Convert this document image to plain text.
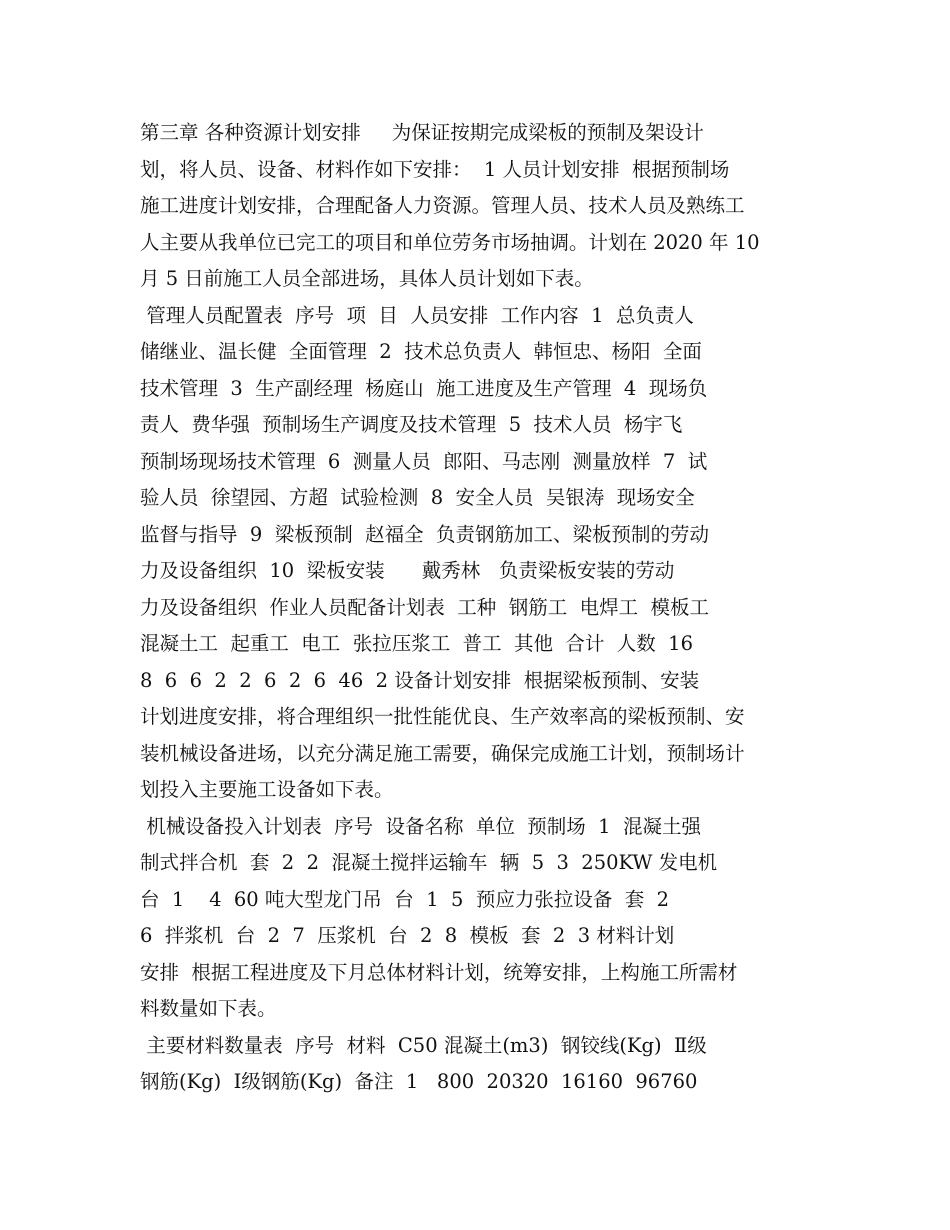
第三章 各种资源计划安排     为保证按期完成梁板的预制及架设计
划，将人员、设备、材料作如下安排：  1 人员计划安排  根据预制场
施工进度计划安排，合理配备人力资源。管理人员、技术人员及熟练工
人主要从我单位已完工的项目和单位劳务市场抽调。计划在 2020 年 10
月 5 日前施工人员全部进场，具体人员计划如下表。
管理人员配置表  序号  项  目  人员安排  工作内容  1  总负责人
储继业、温长健  全面管理  2  技术总负责人  韩恒忠、杨阳  全面
技术管理  3  生产副经理  杨庭山  施工进度及生产管理  4  现场负
责人  费华强  预制场生产调度及技术管理  5  技术人员  杨宇飞
预制场现场技术管理  6  测量人员  郎阳、马志刚  测量放样  7  试
验人员  徐望园、方超  试验检测  8  安全人员  吴银涛  现场安全
监督与指导  9  梁板预制  赵福全  负责钢筋加工、梁板预制的劳动
力及设备组织  10  梁板安装      戴秀林   负责梁板安装的劳动
力及设备组织  作业人员配备计划表  工种  钢筋工  电焊工  模板工
混凝土工  起重工  电工  张拉压浆工  普工  其他  合计  人数  16
8  6  6  2  2  6  2  6  46  2 设备计划安排  根据梁板预制、安装
计划进度安排，将合理组织一批性能优良、生产效率高的梁板预制、安
装机械设备进场，以充分满足施工需要，确保完成施工计划，预制场计
划投入主要施工设备如下表。
机械设备投入计划表  序号  设备名称  单位  预制场  1  混凝土强
制式拌合机  套  2  2  混凝土搅拌运输车  辆  5  3  250KW 发电机
台  1    4  60 吨大型龙门吊  台  1  5  预应力张拉设备  套  2
6  拌浆机  台  2  7  压浆机  台  2  8  模板  套  2  3 材料计划
安排  根据工程进度及下月总体材料计划，统筹安排，上构施工所需材
料数量如下表。
主要材料数量表  序号  材料  C50 混凝土(m3)  钢铰线(Kg)  Ⅱ级
钢筋(Kg)  Ⅰ级钢筋(Kg)  备注  1   800  20320  16160  96760
